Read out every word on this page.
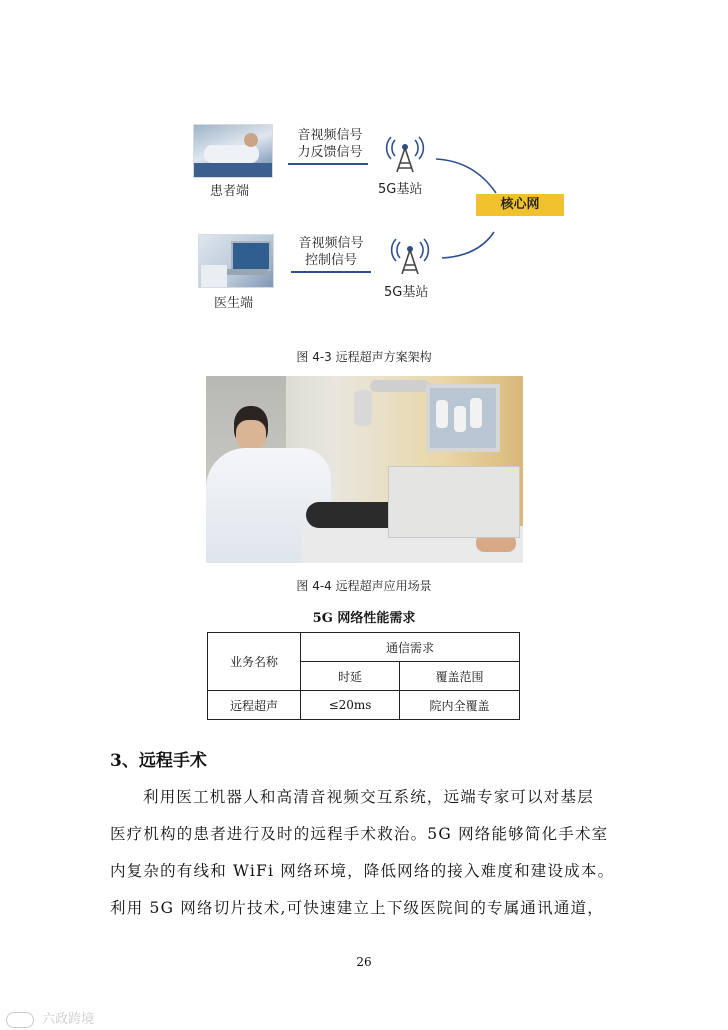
患者端
音视频信号
力反馈信号
5G基站
核心网
医生端
音视频信号
控制信号
5G基站
图 4-3 远程超声方案架构
图 4-4 远程超声应用场景
5G 网络性能需求
业务名称	通信需求	
	时延	覆盖范围
远程超声	≤20ms	院内全覆盖
3、远程手术
利用医工机器人和高清音视频交互系统，远端专家可以对基层
医疗机构的患者进行及时的远程手术救治。5G 网络能够简化手术室
内复杂的有线和 WiFi 网络环境，降低网络的接入难度和建设成本。
利用 5G 网络切片技术,可快速建立上下级医院间的专属通讯通道，
26
六政跨境
